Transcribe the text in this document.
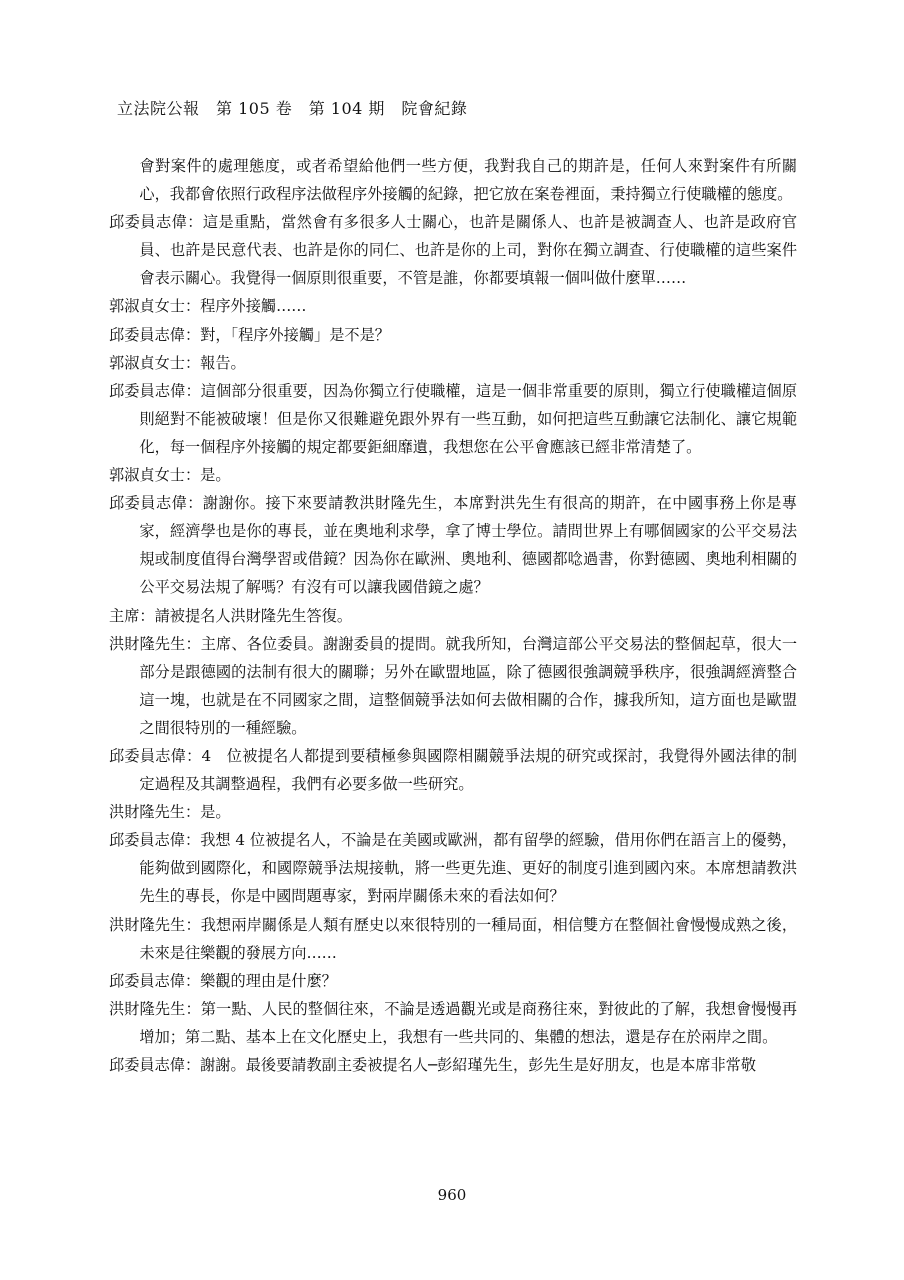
立法院公報　第 105 卷　第 104 期　院會紀錄

會對案件的處理態度，或者希望給他們一些方便，我對我自己的期許是，任何人來對案件有所關心，我都會依照行政程序法做程序外接觸的紀錄，把它放在案卷裡面，秉持獨立行使職權的態度。

邱委員志偉：這是重點，當然會有多很多人士關心，也許是關係人、也許是被調查人、也許是政府官員、也許是民意代表、也許是你的同仁、也許是你的上司，對你在獨立調查、行使職權的這些案件會表示關心。我覺得一個原則很重要，不管是誰，你都要填報一個叫做什麼單……

郭淑貞女士：程序外接觸……

邱委員志偉：對，「程序外接觸」是不是？

郭淑貞女士：報告。

邱委員志偉：這個部分很重要，因為你獨立行使職權，這是一個非常重要的原則，獨立行使職權這個原則絕對不能被破壞！但是你又很難避免跟外界有一些互動，如何把這些互動讓它法制化、讓它規範化，每一個程序外接觸的規定都要鉅細靡遺，我想您在公平會應該已經非常清楚了。

郭淑貞女士：是。

邱委員志偉：謝謝你。接下來要請教洪財隆先生，本席對洪先生有很高的期許，在中國事務上你是專家，經濟學也是你的專長，並在奧地利求學，拿了博士學位。請問世界上有哪個國家的公平交易法規或制度值得台灣學習或借鏡？因為你在歐洲、奧地利、德國都唸過書，你對德國、奧地利相關的公平交易法規了解嗎？有沒有可以讓我國借鏡之處？

主席：請被提名人洪財隆先生答復。

洪財隆先生：主席、各位委員。謝謝委員的提問。就我所知，台灣這部公平交易法的整個起草，很大一部分是跟德國的法制有很大的關聯；另外在歐盟地區，除了德國很強調競爭秩序，很強調經濟整合這一塊，也就是在不同國家之間，這整個競爭法如何去做相關的合作，據我所知，這方面也是歐盟之間很特別的一種經驗。

邱委員志偉：4　位被提名人都提到要積極參與國際相關競爭法規的研究或探討，我覺得外國法律的制定過程及其調整過程，我們有必要多做一些研究。

洪財隆先生：是。

邱委員志偉：我想 4 位被提名人，不論是在美國或歐洲，都有留學的經驗，借用你們在語言上的優勢，能夠做到國際化，和國際競爭法規接軌，將一些更先進、更好的制度引進到國內來。本席想請教洪先生的專長，你是中國問題專家，對兩岸關係未來的看法如何？

洪財隆先生：我想兩岸關係是人類有歷史以來很特別的一種局面，相信雙方在整個社會慢慢成熟之後，未來是往樂觀的發展方向……

邱委員志偉：樂觀的理由是什麼？

洪財隆先生：第一點、人民的整個往來，不論是透過觀光或是商務往來，對彼此的了解，我想會慢慢再增加；第二點、基本上在文化歷史上，我想有一些共同的、集體的想法，還是存在於兩岸之間。

邱委員志偉：謝謝。最後要請教副主委被提名人─彭紹瑾先生，彭先生是好朋友，也是本席非常敬

960
